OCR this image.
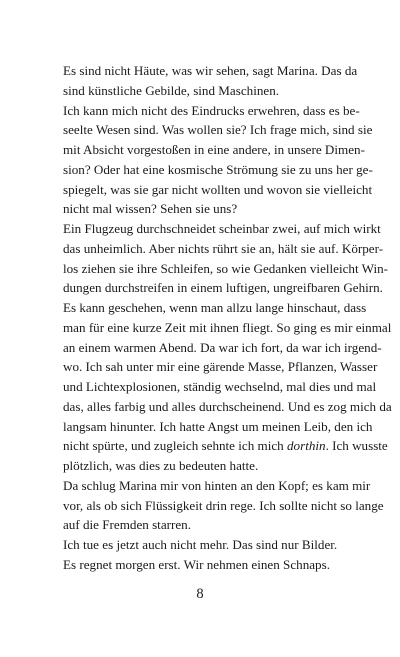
Es sind nicht Häute, was wir sehen, sagt Marina. Das da
sind künstliche Gebilde, sind Maschinen.

Ich kann mich nicht des Eindrucks erwehren, dass es be-
seelte Wesen sind. Was wollen sie? Ich frage mich, sind sie
mit Absicht vorgestoßen in eine andere, in unsere Dimen-
sion? Oder hat eine kosmische Strömung sie zu uns her ge-
spiegelt, was sie gar nicht wollten und wovon sie vielleicht
nicht mal wissen? Sehen sie uns?

Ein Flugzeug durchschneidet scheinbar zwei, auf mich wirkt
das unheimlich. Aber nichts rührt sie an, hält sie auf. Körper-
los ziehen sie ihre Schleifen, so wie Gedanken vielleicht Win-
dungen durchstreifen in einem luftigen, ungreifbaren Gehirn.

Es kann geschehen, wenn man allzu lange hinschaut, dass
man für eine kurze Zeit mit ihnen fliegt. So ging es mir einmal
an einem warmen Abend. Da war ich fort, da war ich irgend-
wo. Ich sah unter mir eine gärende Masse, Pflanzen, Wasser
und Lichtexplosionen, ständig wechselnd, mal dies und mal
das, alles farbig und alles durchscheinend. Und es zog mich da
langsam hinunter. Ich hatte Angst um meinen Leib, den ich
nicht spürte, und zugleich sehnte ich mich dorthin. Ich wusste
plötzlich, was dies zu bedeuten hatte.

Da schlug Marina mir von hinten an den Kopf; es kam mir
vor, als ob sich Flüssigkeit drin rege. Ich sollte nicht so lange
auf die Fremden starren.

Ich tue es jetzt auch nicht mehr. Das sind nur Bilder.

Es regnet morgen erst. Wir nehmen einen Schnaps.

8
